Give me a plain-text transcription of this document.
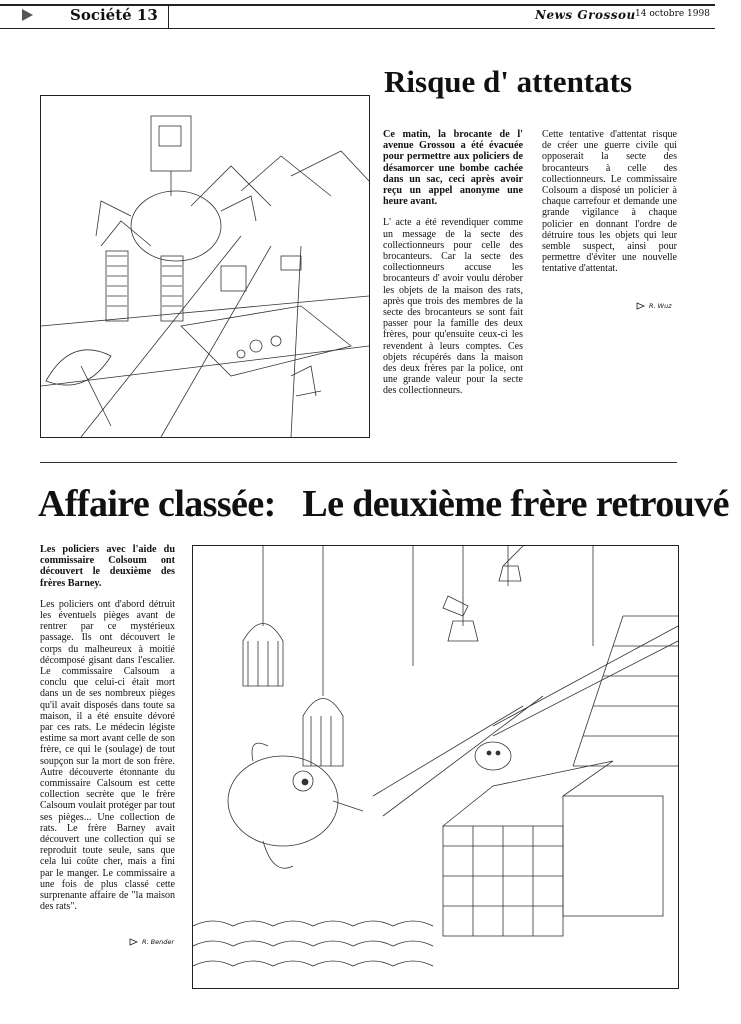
Société 13	News Grossou 14 octobre 1998
Risque d' attentats

Ce matin, la brocante de l' avenue Grossou a été évacuée pour permettre aux policiers de désamorcer une bombe cachée dans un sac, ceci après avoir reçu un appel anonyme une heure avant.

L' acte a été revendiquer comme un message de la secte des collectionneurs pour celle des brocanteurs. Car la secte des collectionneurs accuse les brocanteurs d' avoir voulu dérober les objets de la maison des rats, après que trois des membres de la secte des brocanteurs se sont fait passer pour la famille des deux frères, pour qu'ensuite ceux-ci les revendent à leurs comptes. Ces objets récupérés dans la maison des deux frères par la police, ont une grande valeur pour la secte des collectionneurs.

Cette tentative d'attentat risque de créer une guerre civile qui opposerait la secte des brocanteurs à celle des collectionneurs. Le commissaire Colsoum a disposé un policier à chaque carrefour et demande une grande vigilance à chaque policier en donnant l'ordre de détruire tous les objets qui leur semble suspect, ainsi pour permettre d'éviter une nouvelle tentative d'attentat.

R. Wuz
Affaire classée:   Le deuxième frère retrouvé

Les policiers avec l'aide du commissaire Colsoum ont découvert le deuxième des frères Barney.

Les policiers ont d'abord détruit les éventuels pièges avant de rentrer par ce mystérieux passage. Ils ont découvert le corps du malheureux à moitié décomposé gisant dans l'escalier. Le commissaire Calsoum a conclu que celui-ci était mort dans un de ses nombreux pièges qu'il avait disposés dans toute sa maison, il a été ensuite dévoré par ces rats. Le médecin légiste estime sa mort avant celle de son frère, ce qui le (soulage) de tout soupçon sur la mort de son frère. Autre découverte étonnante du commissaire Calsoum est cette collection secrète que le frère Calsoum voulait protéger par tout ses pièges... Une collection de rats. Le frère Barney avait découvert une collection qui se reproduit toute seule, sans que cela lui coûte cher, mais a fini par le manger. Le commissaire a une fois de plus classé cette surprenante affaire de "la maison des rats".

R. Bender
